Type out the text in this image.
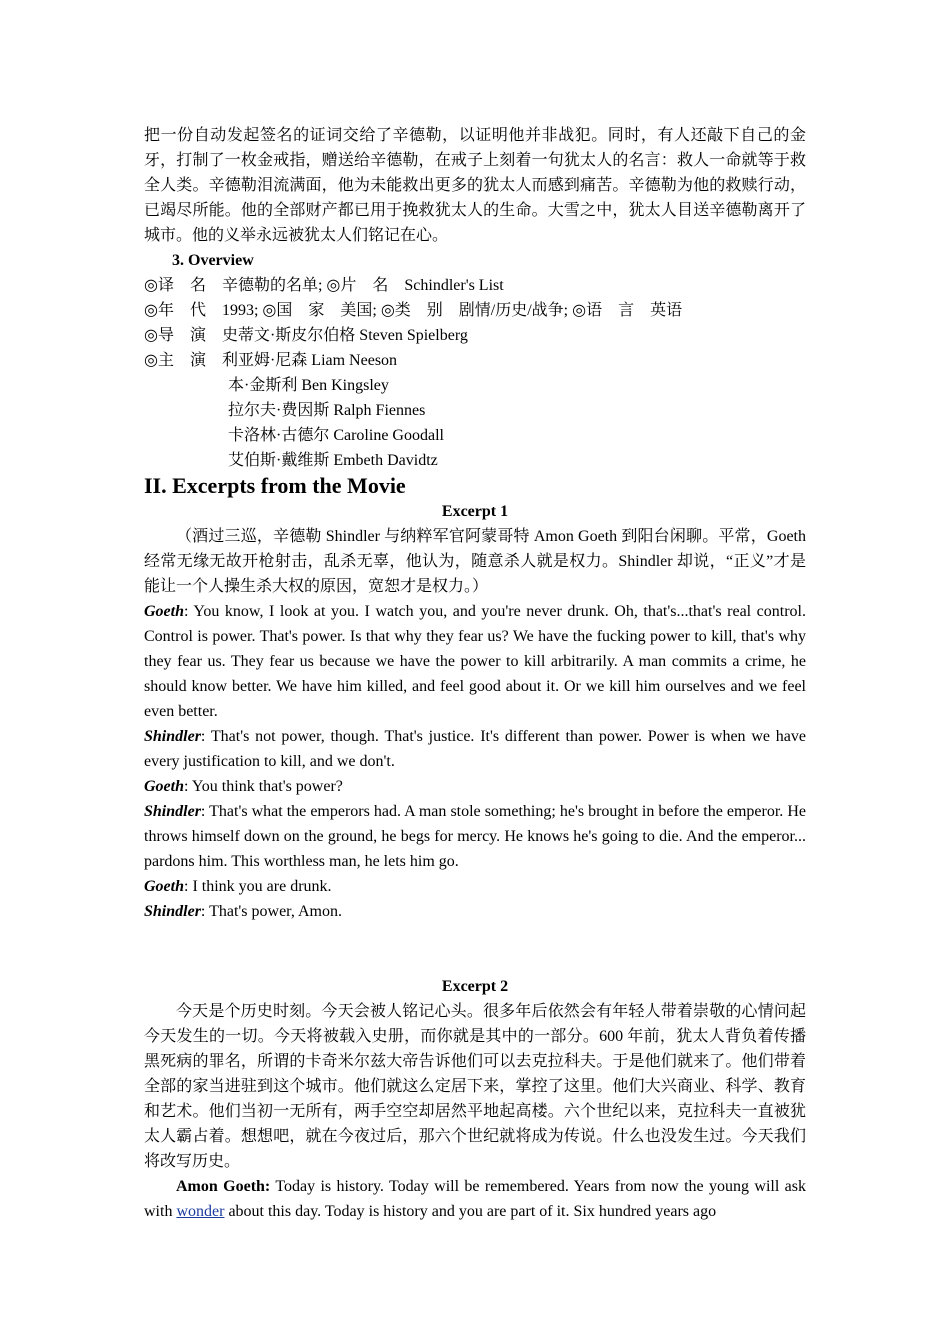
把一份自动发起签名的证词交给了辛德勒，以证明他并非战犯。同时，有人还敲下自己的金牙，打制了一枚金戒指，赠送给辛德勒，在戒子上刻着一句犹太人的名言：救人一命就等于救全人类。辛德勒泪流满面，他为未能救出更多的犹太人而感到痛苦。辛德勒为他的救赎行动，已竭尽所能。他的全部财产都已用于挽救犹太人的生命。大雪之中，犹太人目送辛德勒离开了城市。他的义举永远被犹太人们铭记在心。

3. Overview

◎译　名　辛德勒的名单; ◎片　名　Schindler's List

◎年　代　1993; ◎国　家　美国; ◎类　别　剧情/历史/战争; ◎语　言　英语

◎导　演　史蒂文·斯皮尔伯格 Steven Spielberg

◎主　演　利亚姆·尼森 Liam Neeson

本·金斯利 Ben Kingsley

拉尔夫·费因斯 Ralph Fiennes

卡洛林·古德尔 Caroline Goodall

艾伯斯·戴维斯 Embeth Davidtz

II. Excerpts from the Movie

Excerpt 1

（酒过三巡，辛德勒 Shindler 与纳粹军官阿蒙哥特 Amon Goeth 到阳台闲聊。平常，Goeth 经常无缘无故开枪射击，乱杀无辜，他认为，随意杀人就是权力。Shindler 却说，“正义”才是能让一个人操生杀大权的原因，宽恕才是权力。）

Goeth: You know, I look at you. I watch you, and you're never drunk. Oh, that's...that's real control. Control is power. That's power. Is that why they fear us? We have the fucking power to kill, that's why they fear us. They fear us because we have the power to kill arbitrarily. A man commits a crime, he should know better. We have him killed, and feel good about it. Or we kill him ourselves and we feel even better.

Shindler: That's not power, though. That's justice. It's different than power. Power is when we have every justification to kill, and we don't.

Goeth: You think that's power?

Shindler: That's what the emperors had. A man stole something; he's brought in before the emperor. He throws himself down on the ground, he begs for mercy. He knows he's going to die. And the emperor... pardons him. This worthless man, he lets him go.

Goeth: I think you are drunk.

Shindler: That's power, Amon.

Excerpt 2

今天是个历史时刻。今天会被人铭记心头。很多年后依然会有年轻人带着崇敬的心情问起今天发生的一切。今天将被载入史册，而你就是其中的一部分。600 年前，犹太人背负着传播黑死病的罪名，所谓的卡奇米尔兹大帝告诉他们可以去克拉科夫。于是他们就来了。他们带着全部的家当进驻到这个城市。他们就这么定居下来，掌控了这里。他们大兴商业、科学、教育和艺术。他们当初一无所有，两手空空却居然平地起高楼。六个世纪以来，克拉科夫一直被犹太人霸占着。想想吧，就在今夜过后，那六个世纪就将成为传说。什么也没发生过。今天我们将改写历史。

Amon Goeth: Today is history. Today will be remembered. Years from now the young will ask with wonder about this day. Today is history and you are part of it. Six hundred years ago
